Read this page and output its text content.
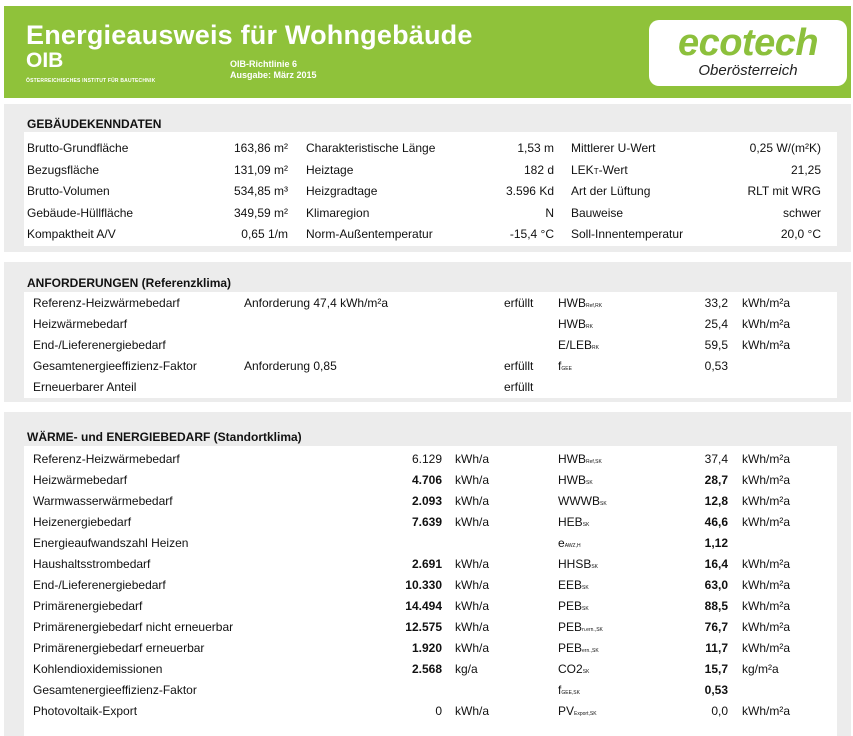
Energieausweis für Wohngebäude
OIB
ÖSTERREICHISCHES INSTITUT FÜR BAUTECHNIK
OIB-Richtlinie 6
Ausgabe: März 2015
ecotech
Oberösterreich
GEBÄUDEKENNDATEN
Brutto-Grundfläche	163,86 m² Charakteristische Länge	1,53 m Mittlerer U-Wert	0,25 W/(m²K)
Bezugsfläche	131,09 m² Heiztage	182 d LEKT-Wert	21,25
Brutto-Volumen	534,85 m³ Heizgradtage	3.596 Kd Art der Lüftung	RLT mit WRG
Gebäude-Hüllfläche	349,59 m² Klimaregion	N Bauweise	schwer
Kompaktheit A/V	0,65 1/m Norm-Außentemperatur	-15,4 °C Soll-Innentemperatur	20,0 °C
ANFORDERUNGEN (Referenzklima)
Referenz-Heizwärmebedarf	Anforderung 47,4 kWh/m²a	erfüllt HWBRef,RK	33,2 kWh/m²a
Heizwärmebedarf	HWBRK	25,4 kWh/m²a
End-/Lieferenergiebedarf	E/LEBRK	59,5 kWh/m²a
Gesamtenergieeffizienz-Faktor	Anforderung 0,85	erfüllt fGEE	0,53
Erneuerbarer Anteil	erfüllt
WÄRME- und ENERGIEBEDARF (Standortklima)
Referenz-Heizwärmebedarf	6.129 kWh/a	HWBRef,SK	37,4 kWh/m²a
Heizwärmebedarf	4.706 kWh/a	HWBSK	28,7 kWh/m²a
Warmwasserwärmebedarf	2.093 kWh/a	WWWBSK	12,8 kWh/m²a
Heizenergiebedarf	7.639 kWh/a	HEBSK	46,6 kWh/m²a
Energieaufwandszahl Heizen	eAWZ,H	1,12
Haushaltsstrombedarf	2.691 kWh/a	HHSBSK	16,4 kWh/m²a
End-/Lieferenergiebedarf	10.330 kWh/a	EEBSK	63,0 kWh/m²a
Primärenergiebedarf	14.494 kWh/a	PEBSK	88,5 kWh/m²a
Primärenergiebedarf nicht erneuerbar	12.575 kWh/a	PEBn.ern.,SK	76,7 kWh/m²a
Primärenergiebedarf erneuerbar	1.920 kWh/a	PEBern.,SK	11,7 kWh/m²a
Kohlendioxidemissionen	2.568 kg/a	CO2SK	15,7 kg/m²a
Gesamtenergieeffizienz-Faktor	fGEE,SK	0,53
Photovoltaik-Export	0 kWh/a	PVExport,SK	0,0 kWh/m²a
